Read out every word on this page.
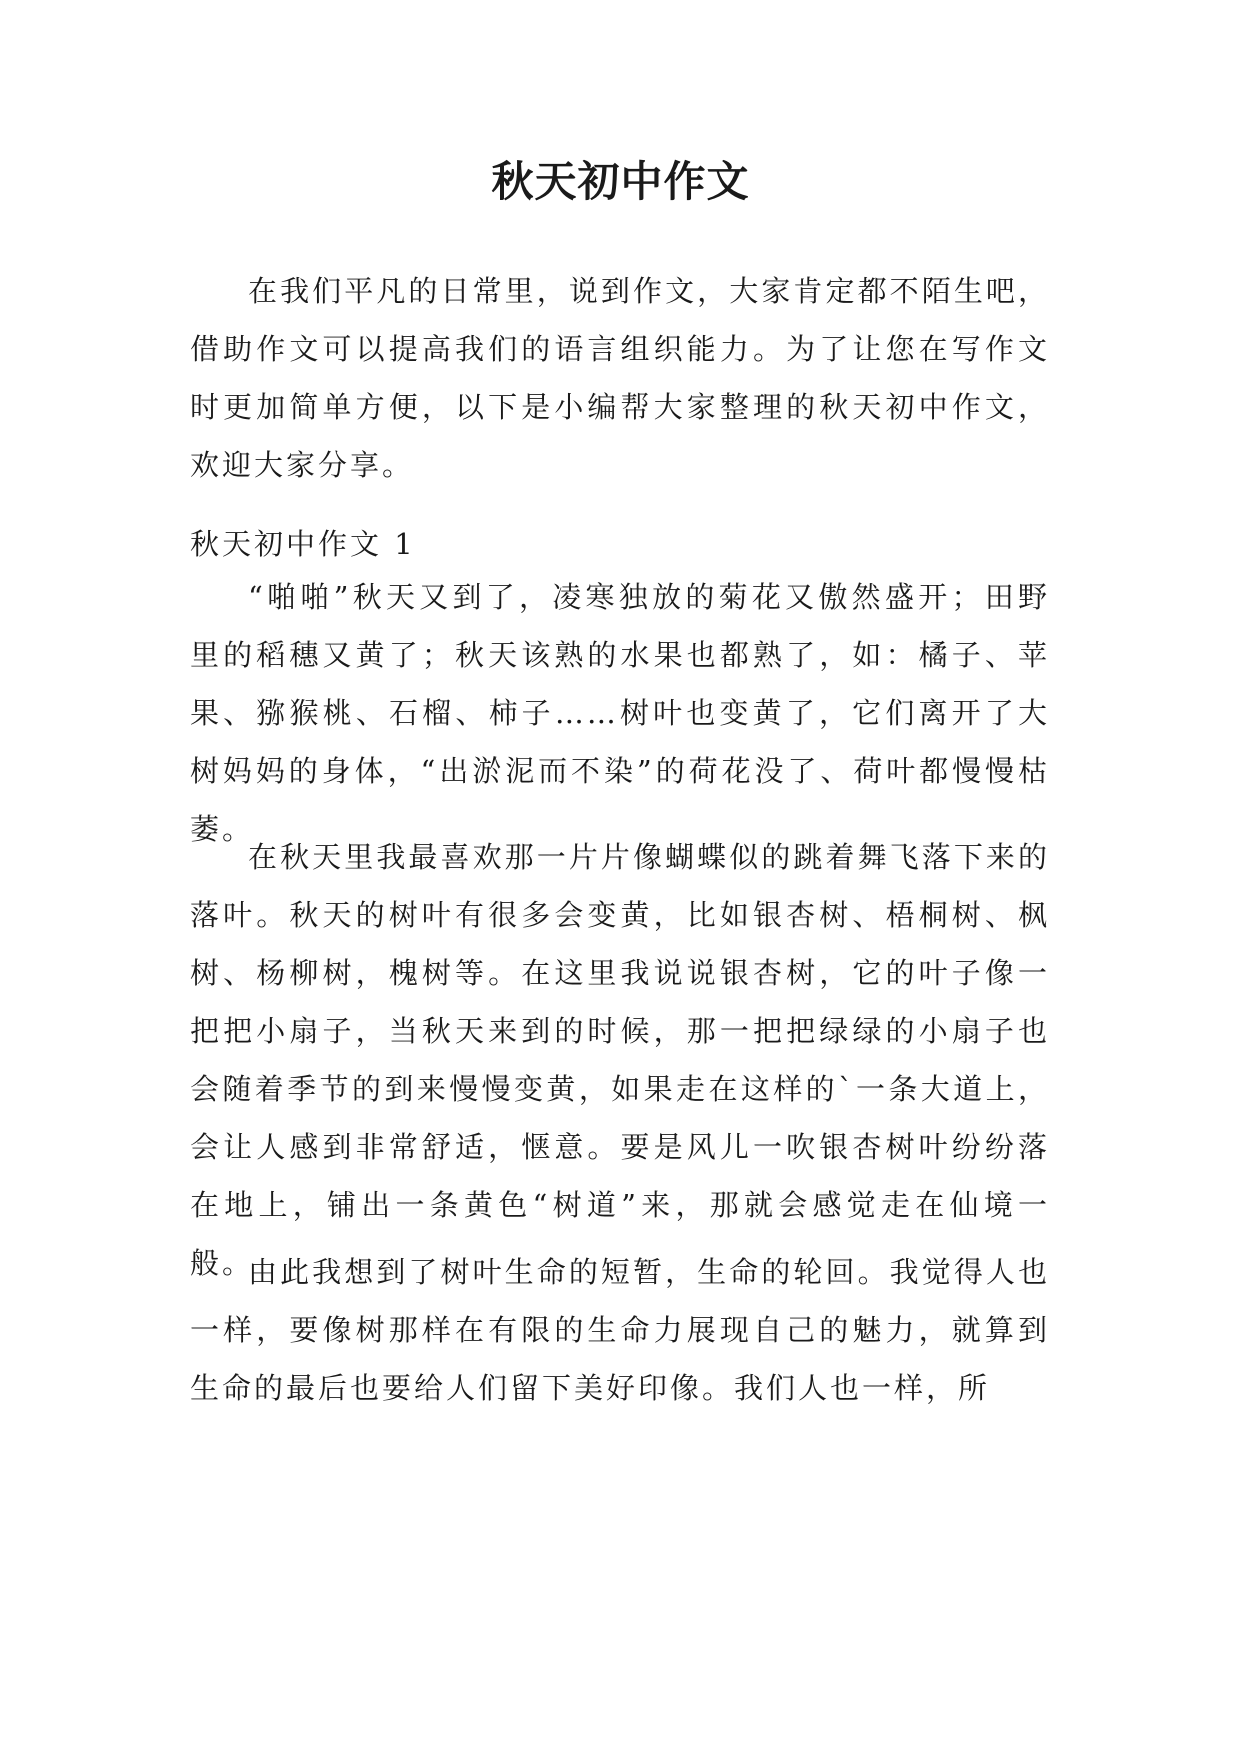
秋天初中作文

在我们平凡的日常里，说到作文，大家肯定都不陌生吧，借助作文可以提高我们的语言组织能力。为了让您在写作文时更加简单方便，以下是小编帮大家整理的秋天初中作文，欢迎大家分享。

秋天初中作文 1

“啪啪”秋天又到了，凌寒独放的菊花又傲然盛开；田野里的稻穗又黄了；秋天该熟的水果也都熟了，如：橘子、苹果、猕猴桃、石榴、柿子……树叶也变黄了，它们离开了大树妈妈的身体，“出淤泥而不染”的荷花没了、荷叶都慢慢枯萎。

在秋天里我最喜欢那一片片像蝴蝶似的跳着舞飞落下来的落叶。秋天的树叶有很多会变黄，比如银杏树、梧桐树、枫树、杨柳树，槐树等。在这里我说说银杏树，它的叶子像一把把小扇子，当秋天来到的时候，那一把把绿绿的小扇子也会随着季节的到来慢慢变黄，如果走在这样的`一条大道上，会让人感到非常舒适，惬意。要是风儿一吹银杏树叶纷纷落在地上，铺出一条黄色“树道”来，那就会感觉走在仙境一般。

由此我想到了树叶生命的短暂，生命的轮回。我觉得人也一样，要像树那样在有限的生命力展现自己的魅力，就算到生命的最后也要给人们留下美好印像。我们人也一样，所
